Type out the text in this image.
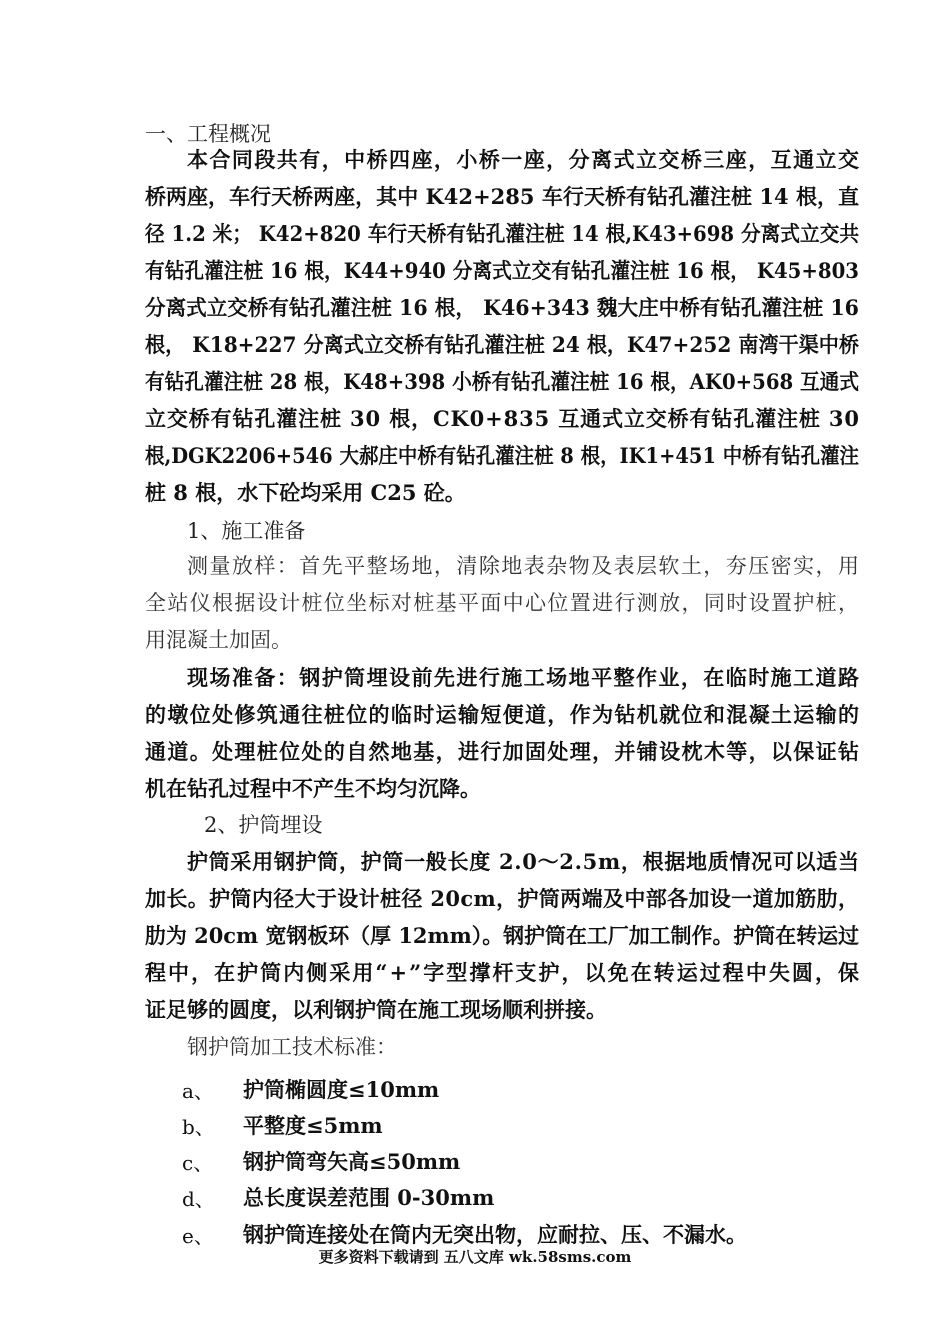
一、工程概况
本合同段共有，中桥四座，小桥一座，分离式立交桥三座，互通立交
桥两座，车行天桥两座，其中 K42+285 车行天桥有钻孔灌注桩 14 根，直
径 1.2 米； K42+820 车行天桥有钻孔灌注桩 14 根,K43+698 分离式立交共
有钻孔灌注桩 16 根，K44+940 分离式立交有钻孔灌注桩 16 根， K45+803
分离式立交桥有钻孔灌注桩 16 根， K46+343 魏大庄中桥有钻孔灌注桩 16
根， K18+227 分离式立交桥有钻孔灌注桩 24 根，K47+252 南湾干渠中桥
有钻孔灌注桩 28 根，K48+398 小桥有钻孔灌注桩 16 根，AK0+568 互通式
立交桥有钻孔灌注桩 30 根，CK0+835 互通式立交桥有钻孔灌注桩 30
根,DGK2206+546 大郝庄中桥有钻孔灌注桩 8 根，IK1+451 中桥有钻孔灌注
桩 8 根，水下砼均采用 C25 砼。
1、施工准备
测量放样：首先平整场地，清除地表杂物及表层软土，夯压密实，用
全站仪根据设计桩位坐标对桩基平面中心位置进行测放，同时设置护桩，
用混凝土加固。
现场准备：钢护筒埋设前先进行施工场地平整作业，在临时施工道路
的墩位处修筑通往桩位的临时运输短便道，作为钻机就位和混凝土运输的
通道。处理桩位处的自然地基，进行加固处理，并铺设枕木等，以保证钻
机在钻孔过程中不产生不均匀沉降。
2、护筒埋设
护筒采用钢护筒，护筒一般长度 2.0～2.5m，根据地质情况可以适当
加长。护筒内径大于设计桩径 20cm，护筒两端及中部各加设一道加筋肋，
肋为 20cm 宽钢板环（厚 12mm）。钢护筒在工厂加工制作。护筒在转运过
程中，在护筒内侧采用“+”字型撑杆支护，以免在转运过程中失圆，保
证足够的圆度，以利钢护筒在施工现场顺利拼接。
钢护筒加工技术标准：
a、 护筒椭圆度≤10mm
b、 平整度≤5mm
c、 钢护筒弯矢高≤50mm
d、 总长度误差范围 0-30mm
e、 钢护筒连接处在筒内无突出物，应耐拉、压、不漏水。
更多资料下载请到 五八文库 wk.58sms.com
